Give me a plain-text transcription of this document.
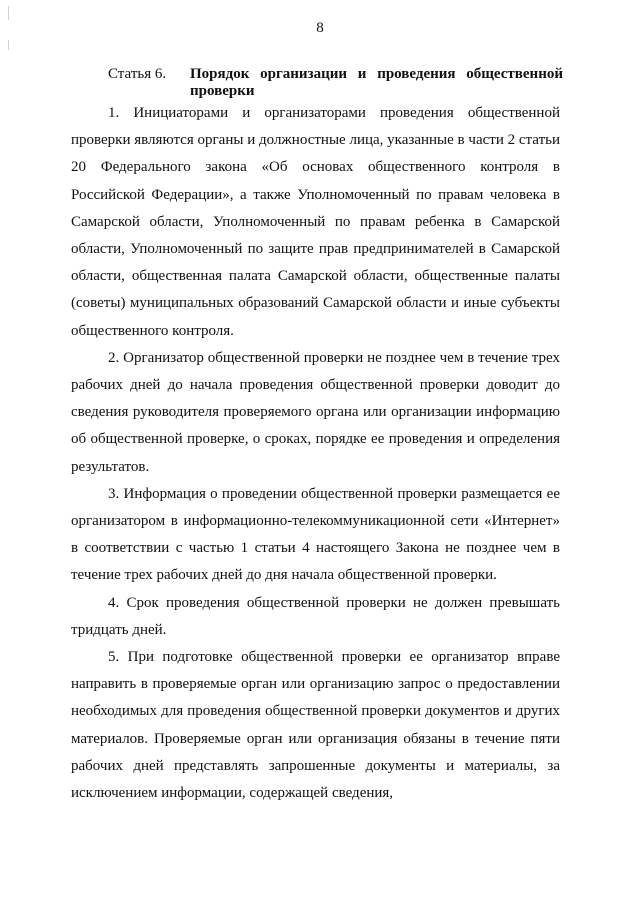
8
Статья 6. Порядок организации и проведения общественной проверки

1. Инициаторами и организаторами проведения общественной проверки являются органы и должностные лица, указанные в части 2 статьи 20 Федерального закона «Об основах общественного контроля в Российской Федерации», а также Уполномоченный по правам человека в Самарской области, Уполномоченный по правам ребенка в Самарской области, Уполномоченный по защите прав предпринимателей в Самарской области, общественная палата Самарской области, общественные палаты (советы) муниципальных образований Самарской области и иные субъекты общественного контроля.

2. Организатор общественной проверки не позднее чем в течение трех рабочих дней до начала проведения общественной проверки доводит до сведения руководителя проверяемого органа или организации информацию об общественной проверке, о сроках, порядке ее проведения и определения результатов.

3. Информация о проведении общественной проверки размещается ее организатором в информационно-телекоммуникационной сети «Интернет» в соответствии с частью 1 статьи 4 настоящего Закона не позднее чем в течение трех рабочих дней до дня начала общественной проверки.

4. Срок проведения общественной проверки не должен превышать тридцать дней.

5. При подготовке общественной проверки ее организатор вправе направить в проверяемые орган или организацию запрос о предоставлении необходимых для проведения общественной проверки документов и других материалов. Проверяемые орган или организация обязаны в течение пяти рабочих дней представлять запрошенные документы и материалы, за исключением информации, содержащей сведения,
